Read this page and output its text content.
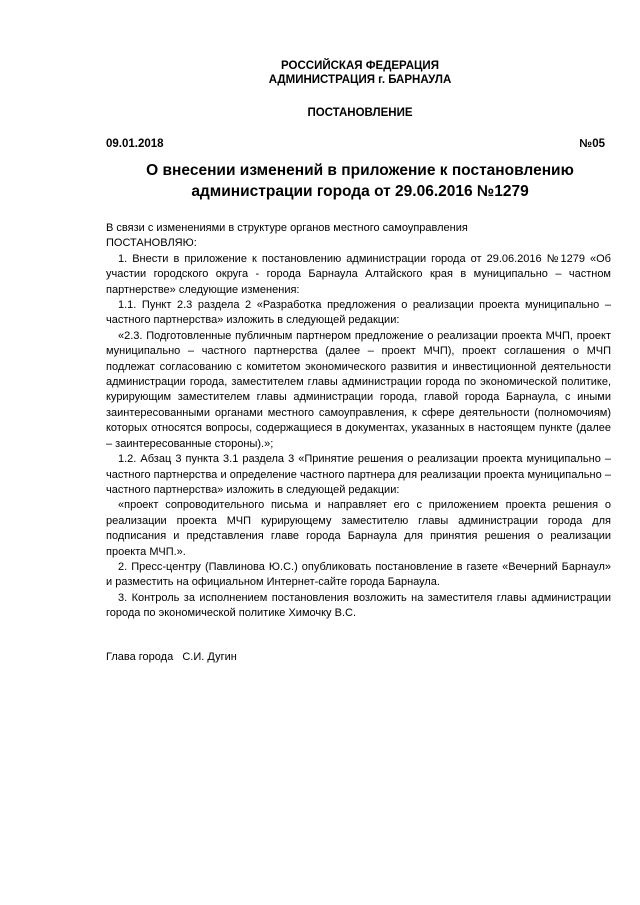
РОССИЙСКАЯ ФЕДЕРАЦИЯ
АДМИНИСТРАЦИЯ г. БАРНАУЛА
ПОСТАНОВЛЕНИЕ
09.01.2018	№05
О внесении изменений в приложение к постановлению
администрации города от 29.06.2016 №1279

В связи с изменениями в структуре органов местного самоуправления

ПОСТАНОВЛЯЮ:

1. Внести в приложение к постановлению администрации города от 29.06.2016 №1279 «Об участии городского округа - города Барнаула Алтайского края в муниципально – частном партнерстве» следующие изменения:

1.1. Пункт 2.3 раздела 2 «Разработка предложения о реализации проекта муниципально – частного партнерства» изложить в следующей редакции:

«2.3. Подготовленные публичным партнером предложение о реализации проекта МЧП, проект муниципально – частного партнерства (далее – проект МЧП), проект соглашения о МЧП подлежат согласованию с комитетом экономического развития и инвестиционной деятельности администрации города, заместителем главы администрации города по экономической политике, курирующим заместителем главы администрации города, главой города Барнаула, с иными заинтересованными органами местного самоуправления, к сфере деятельности (полномочиям) которых относятся вопросы, содержащиеся в документах, указанных в настоящем пункте (далее – заинтересованные стороны).»;

1.2. Абзац 3 пункта 3.1 раздела 3 «Принятие решения о реализации проекта муниципально – частного партнерства и определение частного партнера для реализации проекта муниципально – частного партнерства» изложить в следующей редакции:

«проект сопроводительного письма и направляет его с приложением проекта решения о реализации проекта МЧП курирующему заместителю главы администрации города для подписания и представления главе города Барнаула для принятия решения о реализации проекта МЧП.».

2. Пресс-центру (Павлинова Ю.С.) опубликовать постановление в газете «Вечерний Барнаул» и разместить на официальном Интернет-сайте города Барнаула.

3. Контроль за исполнением постановления возложить на заместителя главы администрации города по экономической политике Химочку В.С.

Глава города   С.И. Дугин
